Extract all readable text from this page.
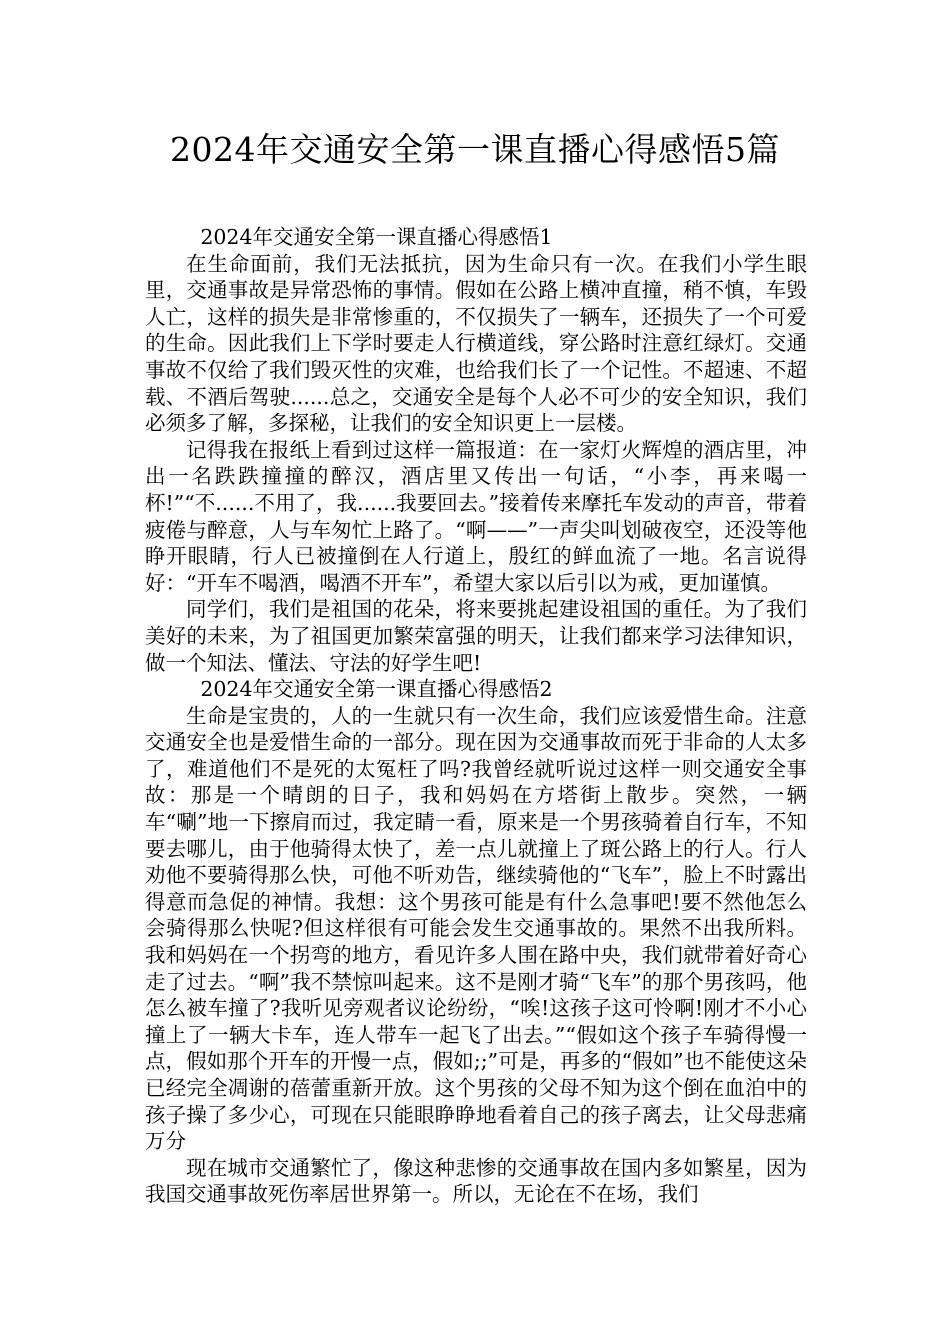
2024年交通安全第一课直播心得感悟5篇

2024年交通安全第一课直播心得感悟1

在生命面前，我们无法抵抗，因为生命只有一次。在我们小学生眼里，交通事故是异常恐怖的事情。假如在公路上横冲直撞，稍不慎，车毁人亡，这样的损失是非常惨重的，不仅损失了一辆车，还损失了一个可爱的生命。因此我们上下学时要走人行横道线，穿公路时注意红绿灯。交通事故不仅给了我们毁灭性的灾难，也给我们长了一个记性。不超速、不超载、不酒后驾驶......总之，交通安全是每个人必不可少的安全知识，我们必须多了解，多探秘，让我们的安全知识更上一层楼。

记得我在报纸上看到过这样一篇报道：在一家灯火辉煌的酒店里，冲出一名跌跌撞撞的醉汉，酒店里又传出一句话，“小李，再来喝一杯!”“不......不用了，我......我要回去。”接着传来摩托车发动的声音，带着疲倦与醉意，人与车匆忙上路了。“啊——”一声尖叫划破夜空，还没等他睁开眼睛，行人已被撞倒在人行道上，殷红的鲜血流了一地。名言说得好：“开车不喝酒，喝酒不开车”，希望大家以后引以为戒，更加谨慎。

同学们，我们是祖国的花朵，将来要挑起建设祖国的重任。为了我们美好的未来，为了祖国更加繁荣富强的明天，让我们都来学习法律知识，做一个知法、懂法、守法的好学生吧!

2024年交通安全第一课直播心得感悟2

生命是宝贵的，人的一生就只有一次生命，我们应该爱惜生命。注意交通安全也是爱惜生命的一部分。现在因为交通事故而死于非命的人太多了，难道他们不是死的太冤枉了吗?我曾经就听说过这样一则交通安全事故：那是一个晴朗的日子，我和妈妈在方塔街上散步。突然，一辆车“唰”地一下擦肩而过，我定睛一看，原来是一个男孩骑着自行车，不知要去哪儿，由于他骑得太快了，差一点儿就撞上了斑公路上的行人。行人劝他不要骑得那么快，可他不听劝告，继续骑他的“飞车”，脸上不时露出得意而急促的神情。我想：这个男孩可能是有什么急事吧!要不然他怎么会骑得那么快呢?但这样很有可能会发生交通事故的。果然不出我所料。我和妈妈在一个拐弯的地方，看见许多人围在路中央，我们就带着好奇心走了过去。“啊”我不禁惊叫起来。这不是刚才骑“飞车”的那个男孩吗，他怎么被车撞了?我听见旁观者议论纷纷，“唉!这孩子这可怜啊!刚才不小心撞上了一辆大卡车，连人带车一起飞了出去。”“假如这个孩子车骑得慢一点，假如那个开车的开慢一点，假如;;”可是，再多的“假如”也不能使这朵已经完全凋谢的蓓蕾重新开放。这个男孩的父母不知为这个倒在血泊中的孩子操了多少心，可现在只能眼睁睁地看着自己的孩子离去，让父母悲痛万分

现在城市交通繁忙了，像这种悲惨的交通事故在国内多如繁星，因为我国交通事故死伤率居世界第一。所以，无论在不在场，我们
